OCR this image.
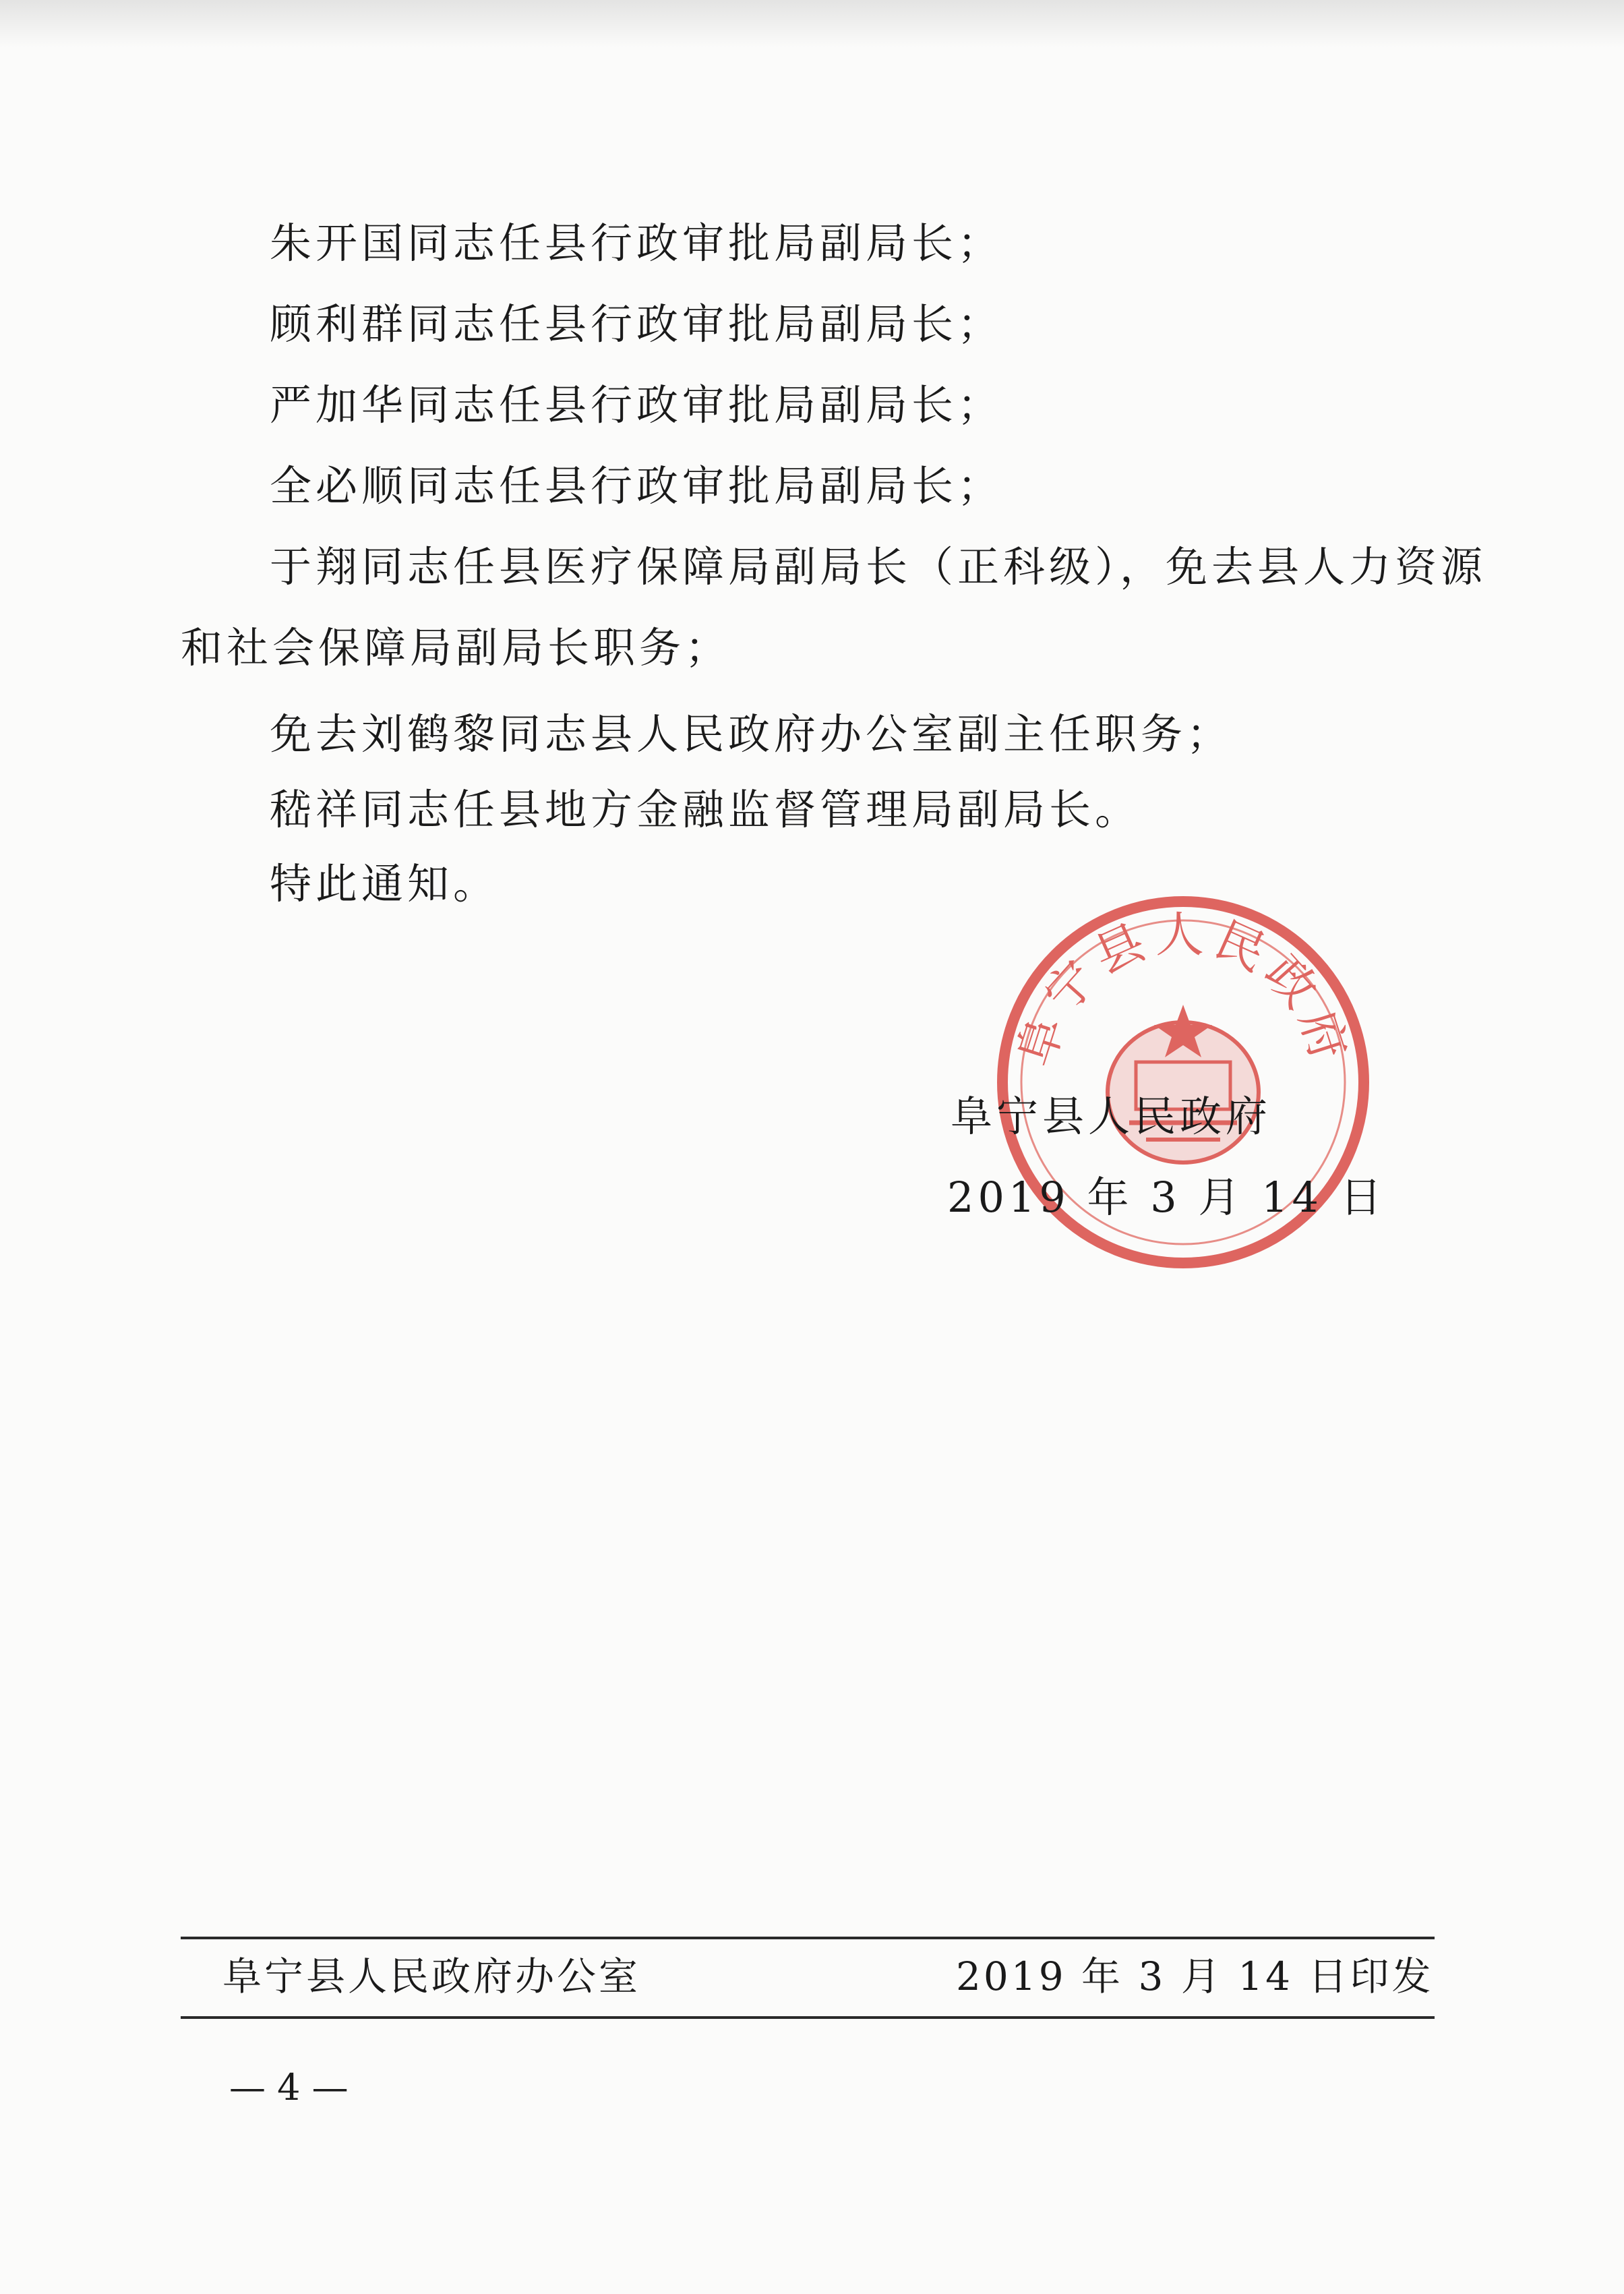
朱开国同志任县行政审批局副局长；
顾利群同志任县行政审批局副局长；
严加华同志任县行政审批局副局长；
全必顺同志任县行政审批局副局长；
于翔同志任县医疗保障局副局长（正科级），免去县人力资源
和社会保障局副局长职务；
免去刘鹤黎同志县人民政府办公室副主任职务；
嵇祥同志任县地方金融监督管理局副局长。
特此通知。
阜宁县人民政府
阜宁县人民政府
2019 年 3 月 14 日
阜宁县人民政府办公室	2019 年 3 月 14 日印发
— 4 —
